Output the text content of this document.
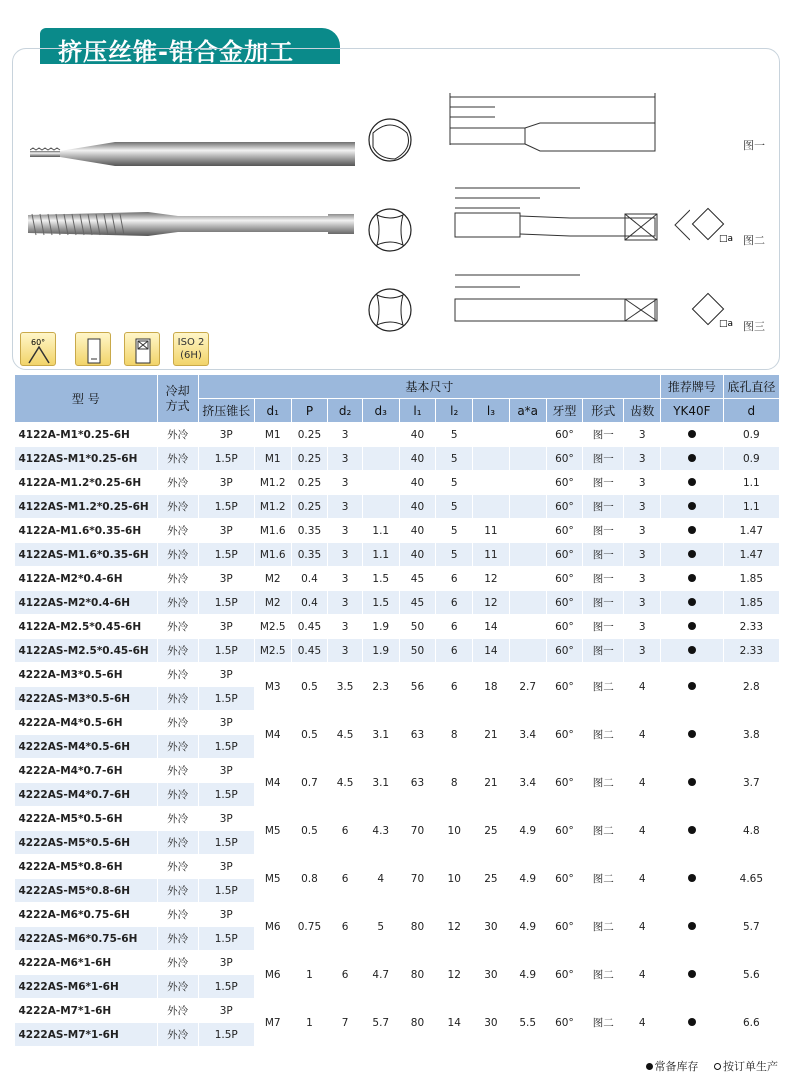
挤压丝锥-铝合金加工
□a
□a
图一
图二
图三
60°	ISO 2
(6H)
型 号	冷却
方式	基本尺寸												推荐牌号	底孔直径
		挤压锥长	d₁	P	d₂	d₃	l₁	l₂	l₃	a*a	牙型	形式	齿数	YK40F	d
4122A-M1*0.25-6H	外冷	3P	M1	0.25	3		40	5			60°	图一	3		0.9
4122AS-M1*0.25-6H	外冷	1.5P	M1	0.25	3		40	5			60°	图一	3		0.9
4122A-M1.2*0.25-6H	外冷	3P	M1.2	0.25	3		40	5			60°	图一	3		1.1
4122AS-M1.2*0.25-6H	外冷	1.5P	M1.2	0.25	3		40	5			60°	图一	3		1.1
4122A-M1.6*0.35-6H	外冷	3P	M1.6	0.35	3	1.1	40	5	11		60°	图一	3		1.47
4122AS-M1.6*0.35-6H	外冷	1.5P	M1.6	0.35	3	1.1	40	5	11		60°	图一	3		1.47
4122A-M2*0.4-6H	外冷	3P	M2	0.4	3	1.5	45	6	12		60°	图一	3		1.85
4122AS-M2*0.4-6H	外冷	1.5P	M2	0.4	3	1.5	45	6	12		60°	图一	3		1.85
4122A-M2.5*0.45-6H	外冷	3P	M2.5	0.45	3	1.9	50	6	14		60°	图一	3		2.33
4122AS-M2.5*0.45-6H	外冷	1.5P	M2.5	0.45	3	1.9	50	6	14		60°	图一	3		2.33
4222A-M3*0.5-6H	外冷	3P	M3	0.5	3.5	2.3	56	6	18	2.7	60°	图二	4		2.8
4222AS-M3*0.5-6H	外冷	1.5P													
4222A-M4*0.5-6H	外冷	3P	M4	0.5	4.5	3.1	63	8	21	3.4	60°	图二	4		3.8
4222AS-M4*0.5-6H	外冷	1.5P													
4222A-M4*0.7-6H	外冷	3P	M4	0.7	4.5	3.1	63	8	21	3.4	60°	图二	4		3.7
4222AS-M4*0.7-6H	外冷	1.5P													
4222A-M5*0.5-6H	外冷	3P	M5	0.5	6	4.3	70	10	25	4.9	60°	图二	4		4.8
4222AS-M5*0.5-6H	外冷	1.5P													
4222A-M5*0.8-6H	外冷	3P	M5	0.8	6	4	70	10	25	4.9	60°	图二	4		4.65
4222AS-M5*0.8-6H	外冷	1.5P													
4222A-M6*0.75-6H	外冷	3P	M6	0.75	6	5	80	12	30	4.9	60°	图二	4		5.7
4222AS-M6*0.75-6H	外冷	1.5P													
4222A-M6*1-6H	外冷	3P	M6	1	6	4.7	80	12	30	4.9	60°	图二	4		5.6
4222AS-M6*1-6H	外冷	1.5P													
4222A-M7*1-6H	外冷	3P	M7	1	7	5.7	80	14	30	5.5	60°	图二	4		6.6
4222AS-M7*1-6H	外冷	1.5P													
常备库存 按订单生产
